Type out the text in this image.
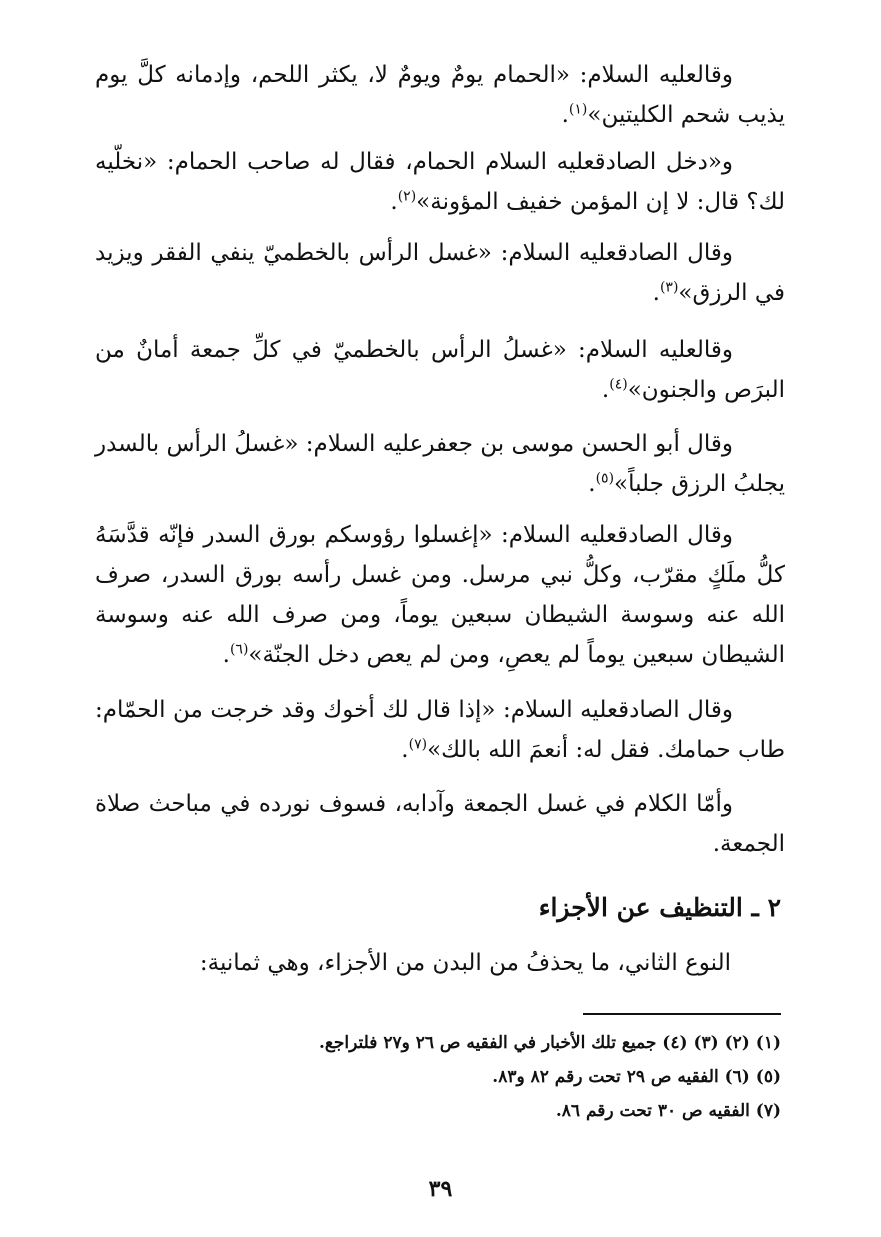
وقالعليه السلام: «الحمام يومٌ ويومٌ لا، يكثر اللحم، وإدمانه كلَّ يوم يذيب شحم الكليتين»$^{(١)}$.

و«دخل الصادقعليه السلام الحمام، فقال له صاحب الحمام: «نخلّيه لك؟ قال: لا إن المؤمن خفيف المؤونة»$^{(٢)}$.

وقال الصادقعليه السلام: «غسل الرأس بالخطميّ ينفي الفقر ويزيد في الرزق»$^{(٣)}$.

وقالعليه السلام: «غسلُ الرأس بالخطميّ في كلِّ جمعة أمانٌ من البرَص والجنون»$^{(٤)}$.

وقال أبو الحسن موسى بن جعفرعليه السلام: «غسلُ الرأس بالسدر يجلبُ الرزق جلباً»$^{(٥)}$.

وقال الصادقعليه السلام: «إغسلوا رؤوسكم بورق السدر فإنّه قدَّسَهُ كلُّ ملَكٍ مقرّب، وكلُّ نبي مرسل. ومن غسل رأسه بورق السدر، صرف الله عنه وسوسة الشيطان سبعين يوماً، ومن صرف الله عنه وسوسة الشيطان سبعين يوماً لم يعصِ، ومن لم يعص دخل الجنّة»$^{(٦)}$.

وقال الصادقعليه السلام: «إذا قال لك أخوك وقد خرجت من الحمّام: طاب حمامك. فقل له: أنعمَ الله بالك»$^{(٧)}$.

وأمّا الكلام في غسل الجمعة وآدابه، فسوف نورده في مباحث صلاة الجمعة.

٢ ـ التنظيف عن الأجزاء

النوع الثاني، ما يحذفُ من البدن من الأجزاء، وهي ثمانية:

(١) (٢) (٣) (٤) جميع تلك الأخبار في الفقيه ص ٢٦ و٢٧ فلتراجع.
(٥) (٦) الفقيه ص ٢٩ تحت رقم ٨٢ و٨٣.
(٧) الفقيه ص ٣٠ تحت رقم ٨٦.
٣٩
